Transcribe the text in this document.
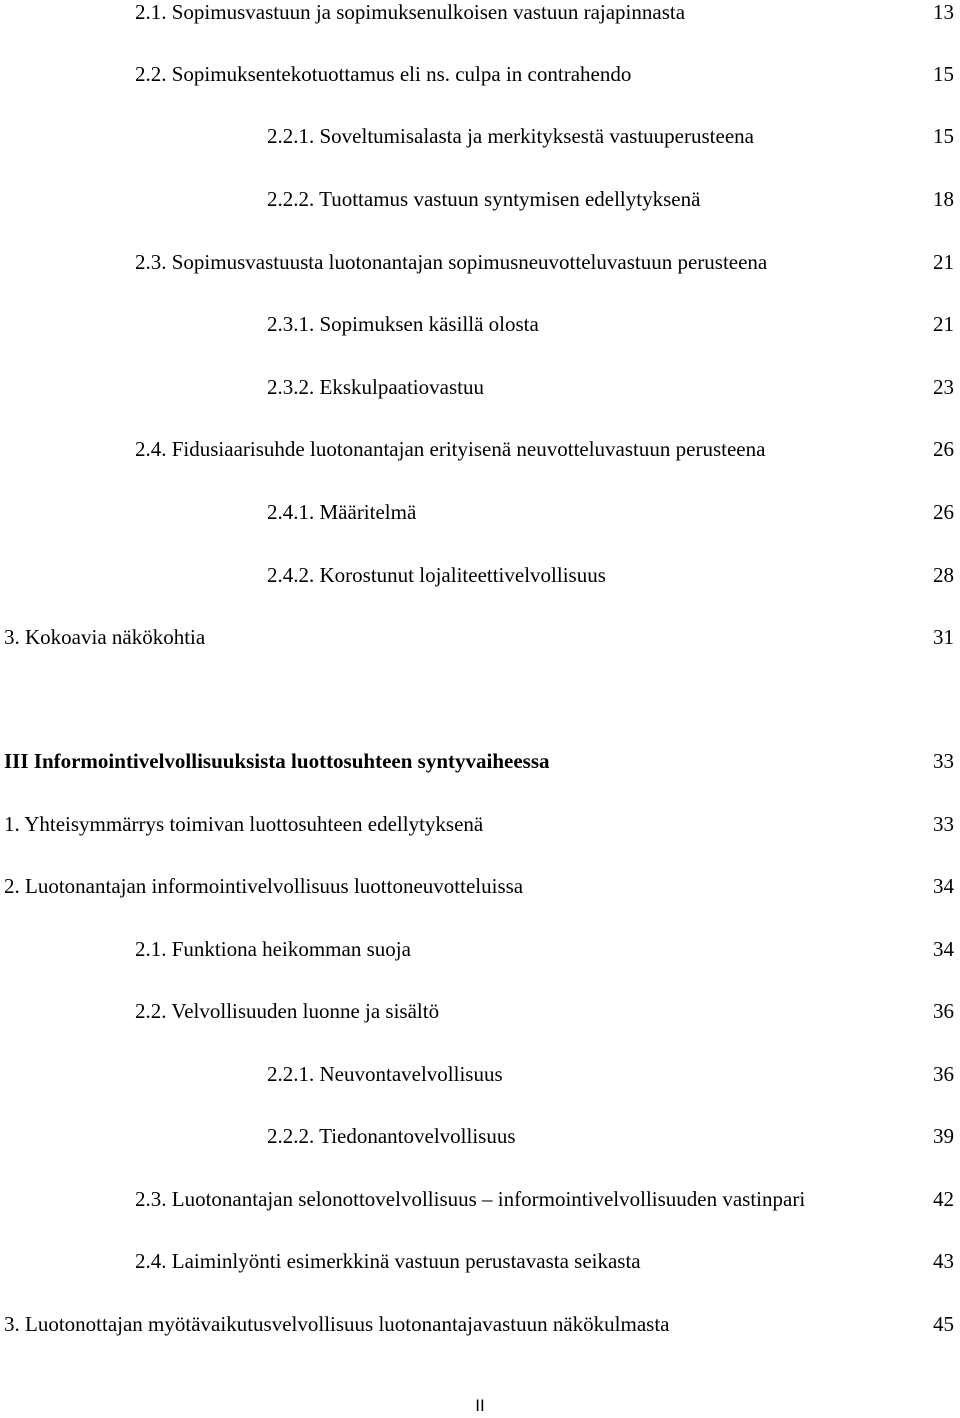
2.1. Sopimusvastuun ja sopimuksenulkoisen vastuun rajapinnasta	13
2.2. Sopimuksentekotuottamus eli ns. culpa in contrahendo	15
2.2.1. Soveltumisalasta ja merkityksestä vastuuperusteena	15
2.2.2. Tuottamus vastuun syntymisen edellytyksenä	18
2.3. Sopimusvastuusta luotonantajan sopimusneuvotteluvastuun perusteena	21
2.3.1. Sopimuksen käsillä olosta	21
2.3.2. Ekskulpaatiovastuu	23
2.4. Fidusiaarisuhde luotonantajan erityisenä neuvotteluvastuun perusteena	26
2.4.1. Määritelmä	26
2.4.2. Korostunut lojaliteettivelvollisuus	28
3. Kokoavia näkökohtia	31
III Informointivelvollisuuksista luottosuhteen syntyvaiheessa	33
1. Yhteisymmärrys toimivan luottosuhteen edellytyksenä	33
2. Luotonantajan informointivelvollisuus luottoneuvotteluissa	34
2.1. Funktiona heikomman suoja	34
2.2. Velvollisuuden luonne ja sisältö	36
2.2.1. Neuvontavelvollisuus	36
2.2.2. Tiedonantovelvollisuus	39
2.3. Luotonantajan selonottovelvollisuus – informointivelvollisuuden vastinpari	42
2.4. Laiminlyönti esimerkkinä vastuun perustavasta seikasta	43
3. Luotonottajan myötävaikutusvelvollisuus luotonantajavastuun näkökulmasta	45
II
